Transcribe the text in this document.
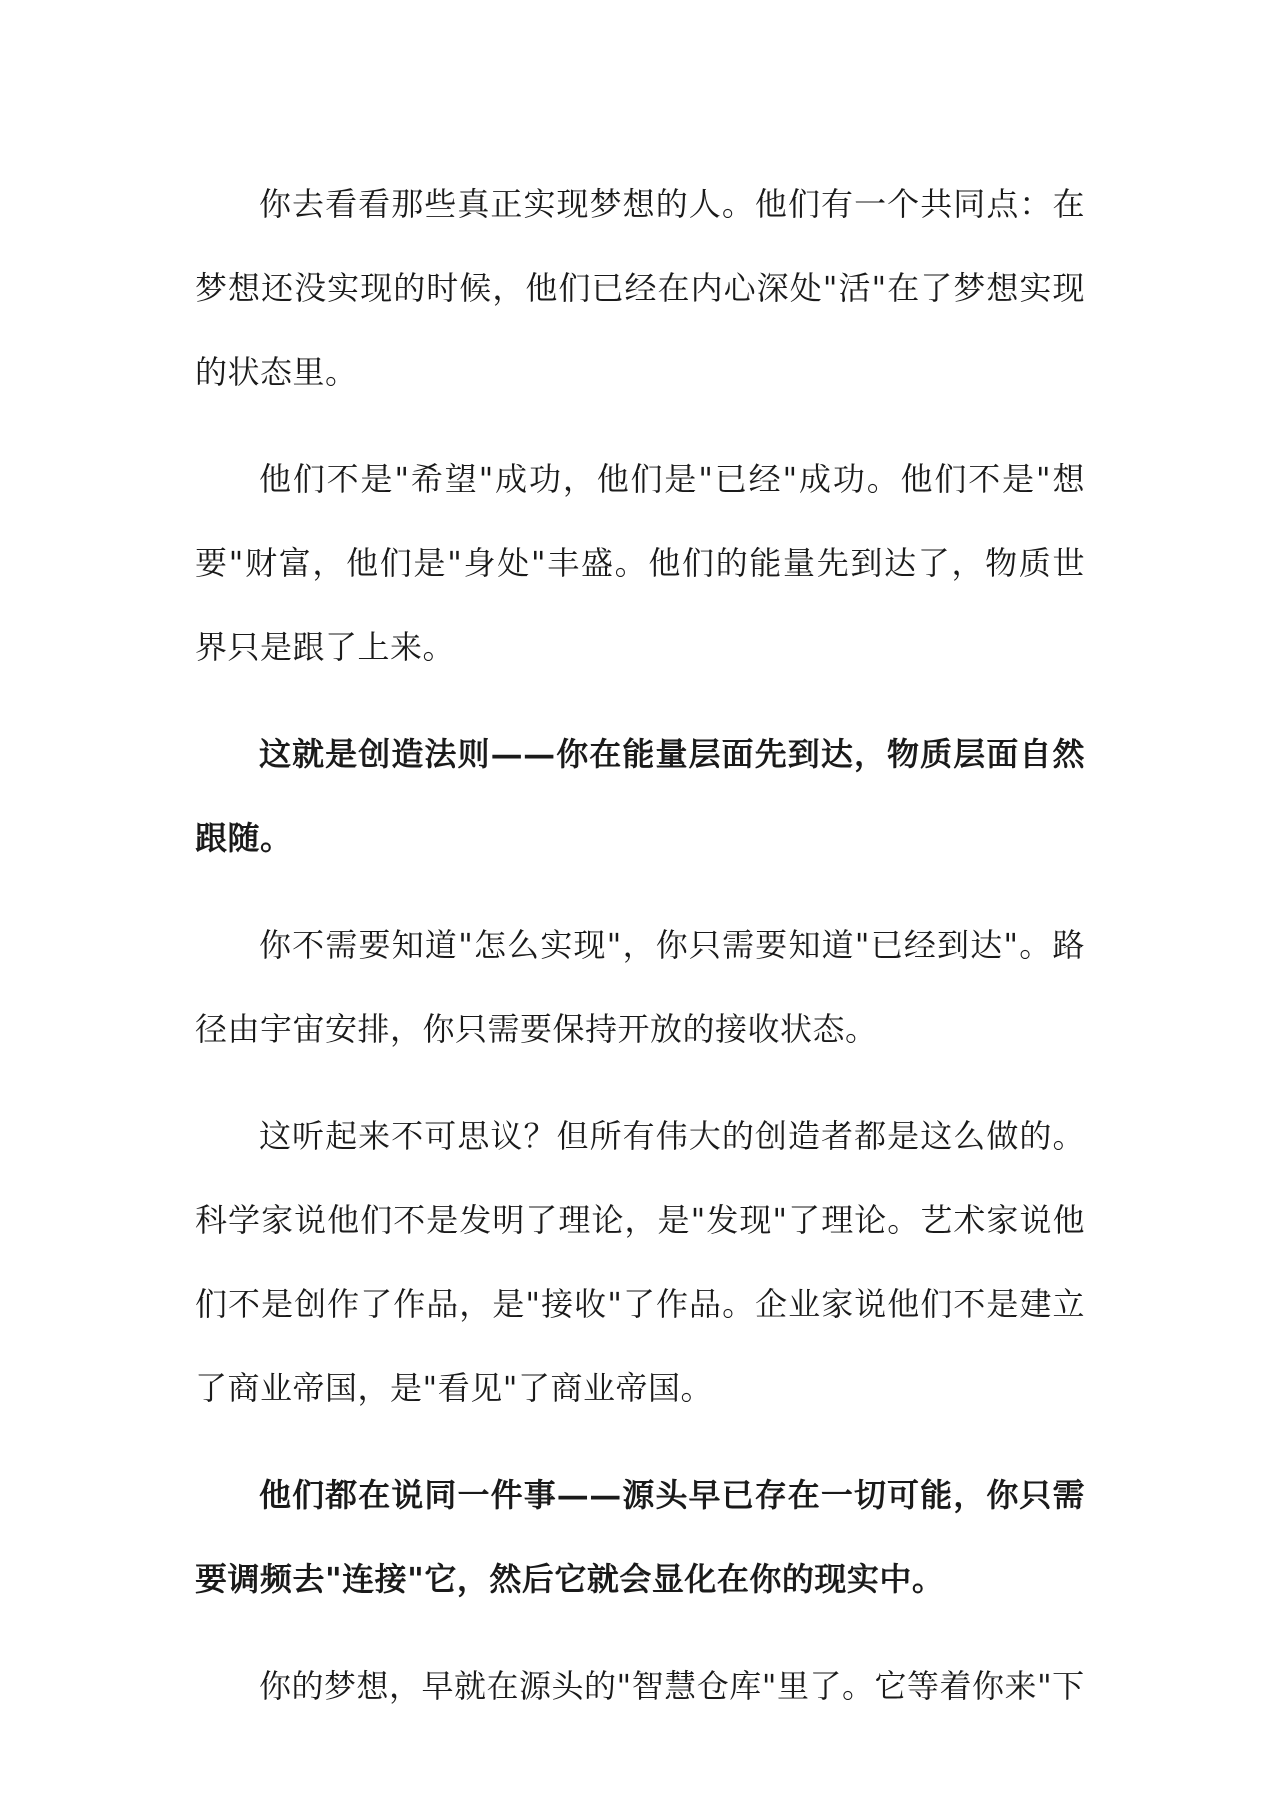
你去看看那些真正实现梦想的人。他们有一个共同点：在梦想还没实现的时候，他们已经在内心深处"活"在了梦想实现的状态里。

他们不是"希望"成功，他们是"已经"成功。他们不是"想要"财富，他们是"身处"丰盛。他们的能量先到达了，物质世界只是跟了上来。

这就是创造法则——你在能量层面先到达，物质层面自然跟随。

你不需要知道"怎么实现"，你只需要知道"已经到达"。路径由宇宙安排，你只需要保持开放的接收状态。

这听起来不可思议？但所有伟大的创造者都是这么做的。科学家说他们不是发明了理论，是"发现"了理论。艺术家说他们不是创作了作品，是"接收"了作品。企业家说他们不是建立了商业帝国，是"看见"了商业帝国。

他们都在说同一件事——源头早已存在一切可能，你只需要调频去"连接"它，然后它就会显化在你的现实中。

你的梦想，早就在源头的"智慧仓库"里了。它等着你来"下
